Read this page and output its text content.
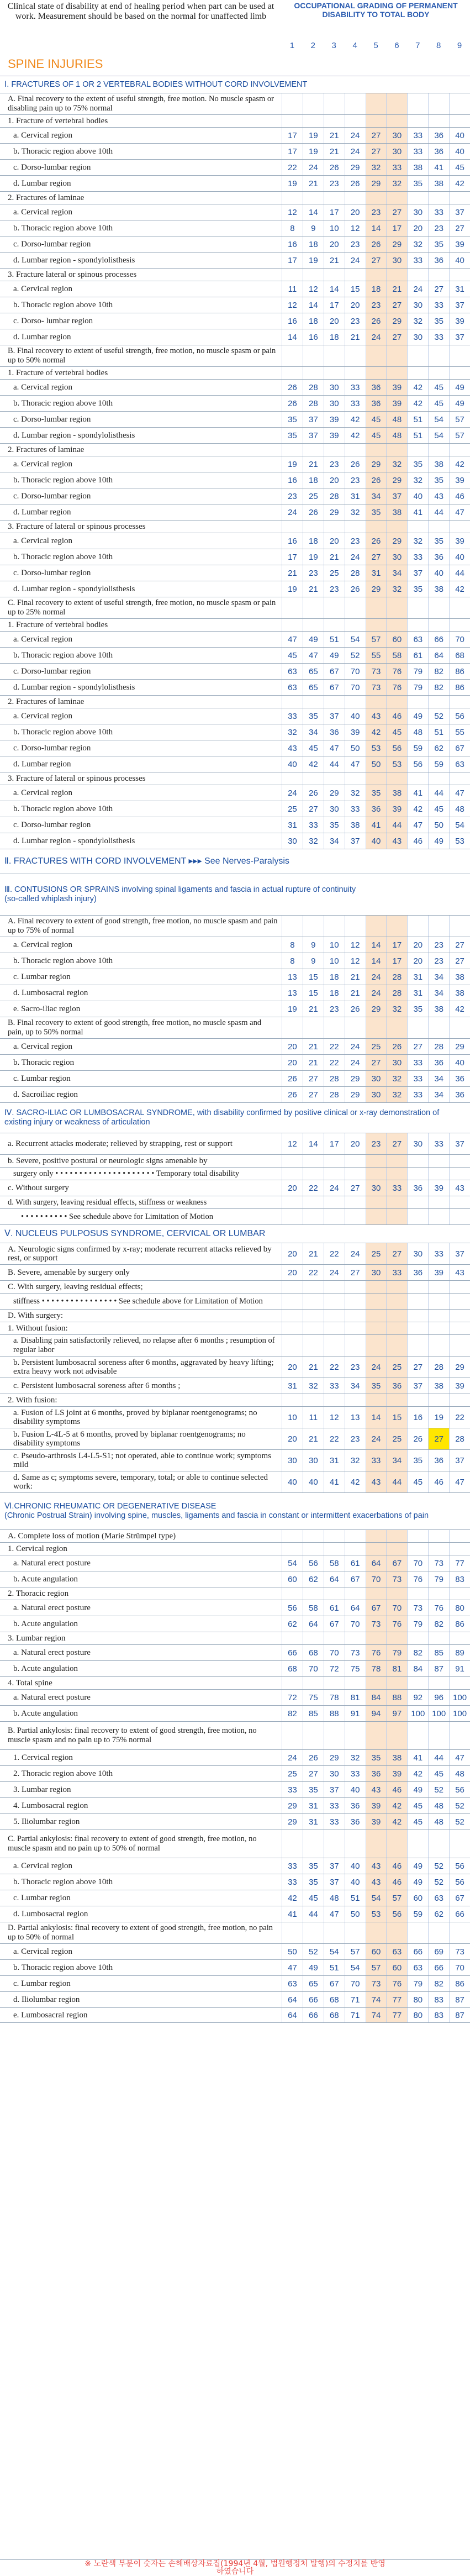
Clinical state of disability at end of healing period when part can be used at work. Measurement should be based on the normal for unaffected limb
OCCUPATIONAL GRADING OF PERMANENT DISABILITY TO TOTAL BODY
1	2	3	4	5	6	7	8	9
SPINE INJURIES
Ⅰ. FRACTURES OF 1 OR 2 VERTEBRAL BODIES WITHOUT CORD INVOLVEMENT
A. Final recovery to the extent of useful strength, free motion. No muscle spasm or disabling pain up to 75% normal
1. Fracture of vertebral bodies
a. Cervical region	17	19	21	24	27	30	33	36	40
b. Thoracic region above 10th	17	19	21	24	27	30	33	36	40
c. Dorso-lumbar region	22	24	26	29	32	33	38	41	45
d. Lumbar region	19	21	23	26	29	32	35	38	42
2. Fractures of laminae
a. Cervical region	12	14	17	20	23	27	30	33	37
b. Thoracic region above 10th	8	9	10	12	14	17	20	23	27
c. Dorso-lumbar region	16	18	20	23	26	29	32	35	39
d. Lumbar region - spondylolisthesis	17	19	21	24	27	30	33	36	40
3. Fracture lateral or spinous processes
a. Cervical region	11	12	14	15	18	21	24	27	31
b. Thoracic region above 10th	12	14	17	20	23	27	30	33	37
c. Dorso- lumbar region	16	18	20	23	26	29	32	35	39
d. Lumbar region	14	16	18	21	24	27	30	33	37
B. Final recovery to extent of useful strength, free motion, no muscle spasm or pain up to 50% normal
1. Fracture of vertebral bodies
a. Cervical region	26	28	30	33	36	39	42	45	49
b. Thoracic region above 10th	26	28	30	33	36	39	42	45	49
c. Dorso-lumbar region	35	37	39	42	45	48	51	54	57
d. Lumbar region - spondylolisthesis	35	37	39	42	45	48	51	54	57
2. Fractures of laminae
a. Cervical region	19	21	23	26	29	32	35	38	42
b. Thoracic region above 10th	16	18	20	23	26	29	32	35	39
c. Dorso-lumbar region	23	25	28	31	34	37	40	43	46
d. Lumbar region	24	26	29	32	35	38	41	44	47
3. Fracture of lateral or spinous processes
a. Cervical region	16	18	20	23	26	29	32	35	39
b. Thoracic region above 10th	17	19	21	24	27	30	33	36	40
c. Dorso-lumbar region	21	23	25	28	31	34	37	40	44
d. Lumbar region - spondylolisthesis	19	21	23	26	29	32	35	38	42
C. Final recovery to extent of useful strength, free motion, no muscle spasm or pain up to 25% normal
1. Fracture of vertebral bodies
a. Cervical region	47	49	51	54	57	60	63	66	70
b. Thoracic region above 10th	45	47	49	52	55	58	61	64	68
c. Dorso-lumbar region	63	65	67	70	73	76	79	82	86
d. Lumbar region - spondylolisthesis	63	65	67	70	73	76	79	82	86
2. Fractures of laminae
a. Cervical region	33	35	37	40	43	46	49	52	56
b. Thoracic region above 10th	32	34	36	39	42	45	48	51	55
c. Dorso-lumbar region	43	45	47	50	53	56	59	62	67
d. Lumbar region	40	42	44	47	50	53	56	59	63
3. Fracture of lateral or spinous processes
a. Cervical region	24	26	29	32	35	38	41	44	47
b. Thoracic region above 10th	25	27	30	33	36	39	42	45	48
c. Dorso-lumbar region	31	33	35	38	41	44	47	50	54
d. Lumbar region - spondylolisthesis	30	32	34	37	40	43	46	49	53
Ⅱ. FRACTURES WITH CORD INVOLVEMENT ▸▸▸ See Nerves-Paralysis
Ⅲ. CONTUSIONS OR SPRAINS involving spinal ligaments and fascia in actual rupture of continuity
(so-called whiplash injury)
A. Final recovery to extent of good strength, free motion, no muscle spasm and pain up to 75% of normal
a. Cervical region	8	9	10	12	14	17	20	23	27
b. Thoracic region above 10th	8	9	10	12	14	17	20	23	27
c. Lumbar region	13	15	18	21	24	28	31	34	38
d. Lumbosacral region	13	15	18	21	24	28	31	34	38
e. Sacro-iliac region	19	21	23	26	29	32	35	38	42
B. Final recovery to extent of good strength, free motion, no muscle spasm and pain, up to 50% normal
a. Cervical region	20	21	22	24	25	26	27	28	29
b. Thoracic region	20	21	22	24	27	30	33	36	40
c. Lumbar region	26	27	28	29	30	32	33	34	36
d. Sacroiliac region	26	27	28	29	30	32	33	34	36
Ⅳ. SACRO-ILIAC OR LUMBOSACRAL SYNDROME, with disability confirmed by positive clinical or x-ray demonstration of existing injury or weakness of articulation
a. Recurrent attacks moderate; relieved by strapping, rest or support	12	14	17	20	23	27	30	33	37
b. Severe, positive postural or neurologic signs amenable by
surgery only • • • • • • • • • • • • • • • • • • • • • Temporary total disability
c. Without surgery	20	22	24	27	30	33	36	39	43
d. With surgery, leaving residual effects, stiffness or weakness
• • • • • • • • • • See schedule above for Limitation of Motion
Ⅴ. NUCLEUS PULPOSUS SYNDROME, CERVICAL OR LUMBAR
A. Neurologic signs confirmed by x-ray; moderate recurrent attacks relieved by rest, or support	20	21	22	24	25	27	30	33	37
B. Severe, amenable by surgery only	20	22	24	27	30	33	36	39	43
C. With surgery, leaving residual effects;
stiffness • • • • • • • • • • • • • • • • See schedule above for Limitation of Motion
D. With surgery:
1. Without fusion:
a. Disabling pain satisfactorily relieved, no relapse after 6 months ; resumption of regular labor
b. Persistent lumbosacral soreness after 6 months, aggravated by heavy lifting; extra heavy work not advisable	20	21	22	23	24	25	27	28	29
c. Persistent lumbosacral soreness after 6 months ;	31	32	33	34	35	36	37	38	39
2. With fusion:
a. Fusion of LS joint at 6 months, proved by biplanar roentgenograms; no disability symptoms	10	11	12	13	14	15	16	19	22
b. Fusion L-4L-5 at 6 months, proved by biplanar roentgenograms; no disability symptoms	20	21	22	23	24	25	26	27	28
c. Pseudo-arthrosis L4-L5-S1; not operated, able to continue work; symptoms mild	30	30	31	32	33	34	35	36	37
d. Same as c; symptoms severe, temporary, total; or able to continue selected work:	40	40	41	42	43	44	45	46	47
Ⅵ.CHRONIC RHEUMATIC OR DEGENERATIVE DISEASE
(Chronic Postrual Strain) involving spine, muscles, ligaments and fascia in constant or intermittent exacerbations of pain
A. Complete loss of motion (Marie Strümpel type)
1. Cervical region
a. Natural erect posture	54	56	58	61	64	67	70	73	77
b. Acute angulation	60	62	64	67	70	73	76	79	83
2. Thoracic region
a. Natural erect posture	56	58	61	64	67	70	73	76	80
b. Acute angulation	62	64	67	70	73	76	79	82	86
3. Lumbar region
a. Natural erect posture	66	68	70	73	76	79	82	85	89
b. Acute angulation	68	70	72	75	78	81	84	87	91
4. Total spine
a. Natural erect posture	72	75	78	81	84	88	92	96	100
b. Acute angulation	82	85	88	91	94	97	100 100 100
B. Partial ankylosis: final recovery to extent of good strength, free motion, no muscle spasm and no pain up to 75% normal
1. Cervical region	24	26	29	32	35	38	41	44	47
2. Thoracic region above 10th	25	27	30	33	36	39	42	45	48
3. Lumbar region	33	35	37	40	43	46	49	52	56
4. Lumbosacral region	29	31	33	36	39	42	45	48	52
5. Iliolumbar region	29	31	33	36	39	42	45	48	52
C. Partial ankylosis: final recovery to extent of good strength, free motion, no muscle spasm and no pain up to 50% of normal
a. Cervical region	33	35	37	40	43	46	49	52	56
b. Thoracic region above 10th	33	35	37	40	43	46	49	52	56
c. Lumbar region	42	45	48	51	54	57	60	63	67
d. Lumbosacral region	41	44	47	50	53	56	59	62	66
D. Partial ankylosis: final recovery to extent of good strength, free motion, no pain up to 50% of normal
a. Cervical region	50	52	54	57	60	63	66	69	73
b. Thoracic region above 10th	47	49	51	54	57	60	63	66	70
c. Lumbar region	63	65	67	70	73	76	79	82	86
d. Iliolumbar region	64	66	68	71	74	77	80	83	87
e. Lumbosacral region	64	66	68	71	74	77	80	83	87
※ 노란색 부분이 숫자는 손해배상자료집(1994년 4월, 법원행정처 발행)의 수정치를 반영
하였습니다
